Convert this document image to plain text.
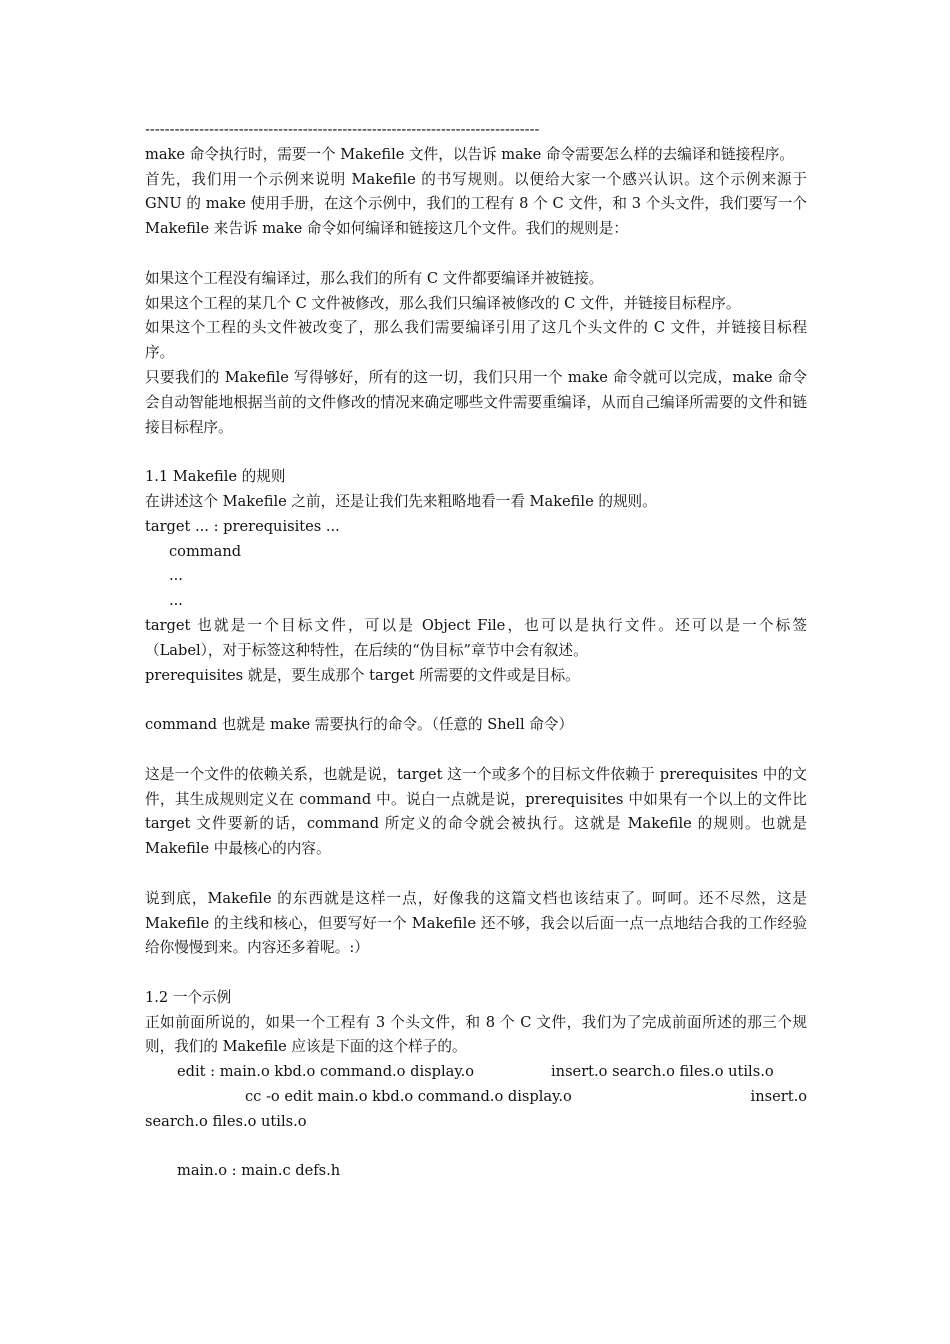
--------------------------------------------------------------------------------

make 命令执行时，需要一个 Makefile 文件，以告诉 make 命令需要怎么样的去编译和链接程序。

首先，我们用一个示例来说明 Makefile 的书写规则。以便给大家一个感兴认识。这个示例来源于 GNU 的 make 使用手册，在这个示例中，我们的工程有 8 个 C 文件，和 3 个头文件，我们要写一个 Makefile 来告诉 make 命令如何编译和链接这几个文件。我们的规则是：

如果这个工程没有编译过，那么我们的所有 C 文件都要编译并被链接。

如果这个工程的某几个 C 文件被修改，那么我们只编译被修改的 C 文件，并链接目标程序。

如果这个工程的头文件被改变了，那么我们需要编译引用了这几个头文件的 C 文件，并链接目标程序。

只要我们的 Makefile 写得够好，所有的这一切，我们只用一个 make 命令就可以完成，make 命令会自动智能地根据当前的文件修改的情况来确定哪些文件需要重编译，从而自己编译所需要的文件和链接目标程序。

1.1 Makefile 的规则

在讲述这个 Makefile 之前，还是让我们先来粗略地看一看 Makefile 的规则。

target ... : prerequisites ...

command

...

...

target 也就是一个目标文件，可以是 Object File，也可以是执行文件。还可以是一个标签（Label），对于标签这种特性，在后续的“伪目标”章节中会有叙述。

prerequisites 就是，要生成那个 target 所需要的文件或是目标。

command 也就是 make 需要执行的命令。（任意的 Shell 命令）

这是一个文件的依赖关系，也就是说，target 这一个或多个的目标文件依赖于 prerequisites 中的文件，其生成规则定义在 command 中。说白一点就是说，prerequisites 中如果有一个以上的文件比 target 文件要新的话，command 所定义的命令就会被执行。这就是 Makefile 的规则。也就是 Makefile 中最核心的内容。

说到底，Makefile 的东西就是这样一点，好像我的这篇文档也该结束了。呵呵。还不尽然，这是 Makefile 的主线和核心，但要写好一个 Makefile 还不够，我会以后面一点一点地结合我的工作经验给你慢慢到来。内容还多着呢。:）

1.2 一个示例

正如前面所说的，如果一个工程有 3 个头文件，和 8 个 C 文件，我们为了完成前面所述的那三个规则，我们的 Makefile 应该是下面的这个样子的。

edit : main.o kbd.o command.o display.o	insert.o search.o files.o utils.o
cc -o edit main.o kbd.o command.o display.o	insert.o

search.o files.o utils.o

main.o : main.c defs.h
